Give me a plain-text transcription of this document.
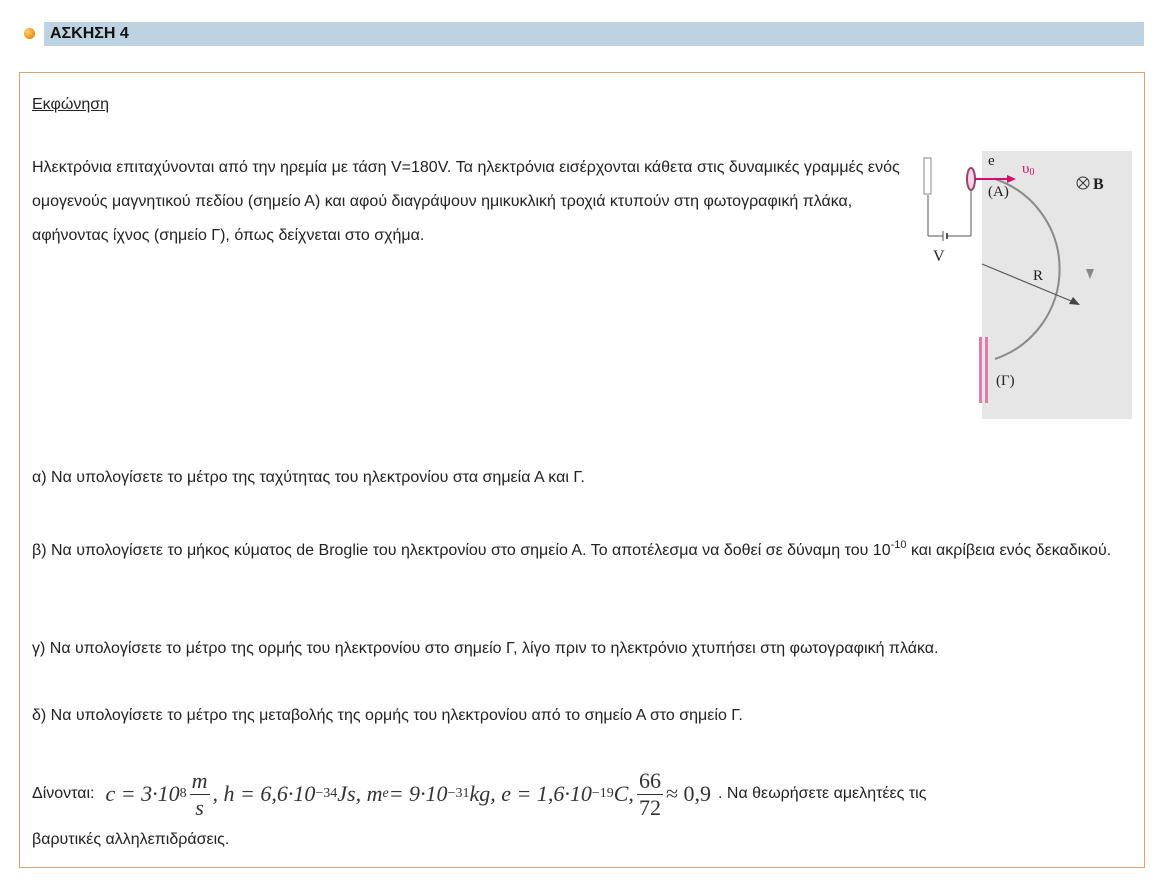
ΑΣΚΗΣΗ 4
Εκφώνηση
Ηλεκτρόνια επιταχύνονται από την ηρεμία με τάση V=180V. Τα ηλεκτρόνια εισέρχονται κάθετα στις δυναμικές γραμμές ενός ομογενούς μαγνητικού πεδίου (σημείο Α) και αφού διαγράψουν ημικυκλική τροχιά κτυπούν στη φωτογραφική πλάκα, αφήνοντας ίχνος (σημείο Γ), όπως δείχνεται στο σχήμα.
e υ0
(A)	B
V
R
(Γ)
α) Να υπολογίσετε το μέτρο της ταχύτητας του ηλεκτρονίου στα σημεία Α και Γ.
β) Να υπολογίσετε το μήκος κύματος de Broglie του ηλεκτρονίου στο σημείο Α. Το αποτέλεσμα να δοθεί σε δύναμη του $10^{-10}$ και ακρίβεια ενός δεκαδικού.
γ) Να υπολογίσετε το μέτρο της ορμής του ηλεκτρονίου στο σημείο Γ, λίγο πριν το ηλεκτρόνιο χτυπήσει στη φωτογραφική πλάκα.
δ) Να υπολογίσετε το μέτρο της μεταβολής της ορμής του ηλεκτρονίου από το σημείο Α στο σημείο Γ.
Δίνονται: c = 3·10 $8 \frac{m}{s}$ , h = 6,6·10 −34 Js, m e = 9·10 −31 kg, e = 1,6·10 −19 C, $\frac{66}{72} \approx 0,9$ . Να θεωρήσετε αμελητέες τις
βαρυτικές αλληλεπιδράσεις.
